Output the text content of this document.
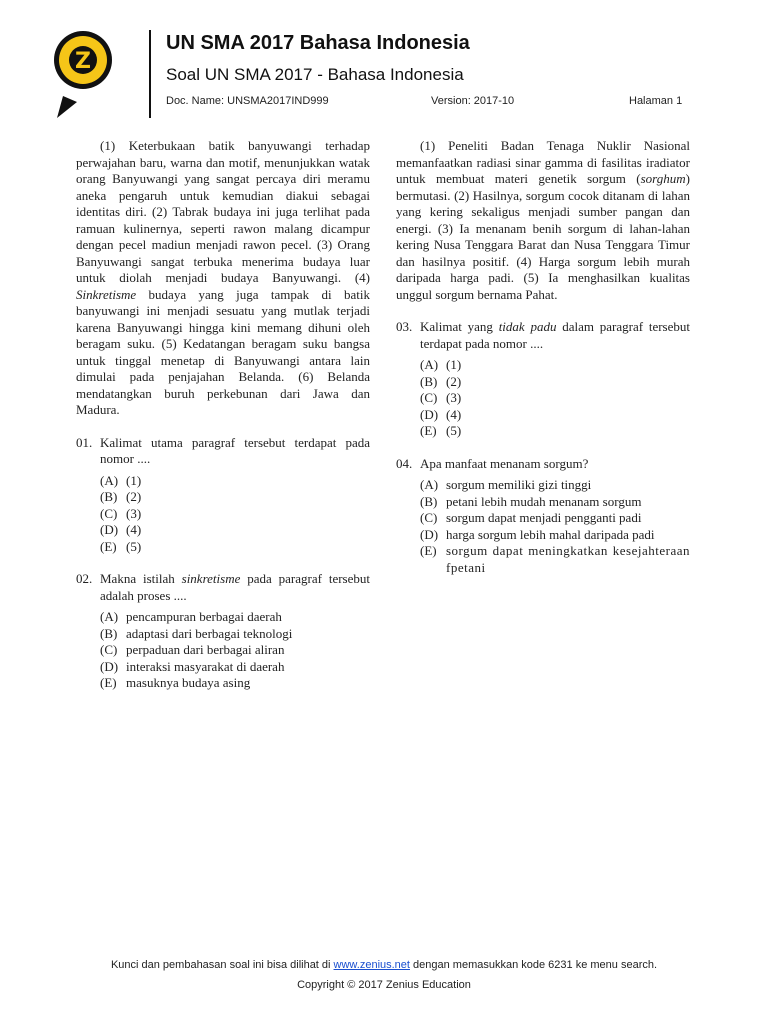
Z
UN SMA 2017 Bahasa Indonesia
Soal UN SMA 2017 - Bahasa Indonesia
Doc. Name: UNSMA2017IND999	Version: 2017-10	Halaman 1

(1) Keterbukaan batik banyuwangi terhadap perwajahan baru, warna dan motif, menunjukkan watak orang Banyuwangi yang sangat percaya diri meramu aneka pengaruh untuk kemudian diakui sebagai identitas diri. (2) Tabrak budaya ini juga terlihat pada ramuan kulinernya, seperti rawon malang dicampur dengan pecel madiun menjadi rawon pecel. (3) Orang Banyuwangi sangat terbuka menerima budaya luar untuk diolah menjadi budaya Banyuwangi. (4) Sinkretisme budaya yang juga tampak di batik banyuwangi ini menjadi sesuatu yang mutlak terjadi karena Banyuwangi hingga kini memang dihuni oleh beragam suku. (5) Kedatangan beragam suku bangsa untuk tinggal menetap di Banyuwangi antara lain dimulai pada penjajahan Belanda. (6) Belanda mendatangkan buruh perkebunan dari Jawa dan Madura.

01. Kalimat utama paragraf tersebut terdapat pada nomor ....
(A) (1)
(B) (2)
(C) (3)
(D) (4)
(E) (5)
02. Makna istilah sinkretisme pada paragraf tersebut adalah proses ....
(A) pencampuran berbagai daerah
(B) adaptasi dari berbagai teknologi
(C) perpaduan dari berbagai aliran
(D) interaksi masyarakat di daerah
(E) masuknya budaya asing

(1) Peneliti Badan Tenaga Nuklir Nasional memanfaatkan radiasi sinar gamma di fasilitas iradiator untuk membuat materi genetik sorgum (sorghum) bermutasi. (2) Hasilnya, sorgum cocok ditanam di lahan yang kering sekaligus menjadi sumber pangan dan energi. (3) Ia menanam benih sorgum di lahan-lahan kering Nusa Tenggara Barat dan Nusa Tenggara Timur dan hasilnya positif. (4) Harga sorgum lebih murah daripada harga padi. (5) Ia menghasilkan kualitas unggul sorgum bernama Pahat.

03. Kalimat yang tidak padu dalam paragraf tersebut terdapat pada nomor ....
(A) (1)
(B) (2)
(C) (3)
(D) (4)
(E) (5)
04. Apa manfaat menanam sorgum?
(A) sorgum memiliki gizi tinggi
(B) petani lebih mudah menanam sorgum
(C) sorgum dapat menjadi pengganti padi
(D) harga sorgum lebih mahal daripada padi
(E) sorgum dapat meningkatkan kesejahteraan fpetani
Kunci dan pembahasan soal ini bisa dilihat di www.zenius.net dengan memasukkan kode 6231 ke menu search.
Copyright © 2017 Zenius Education
